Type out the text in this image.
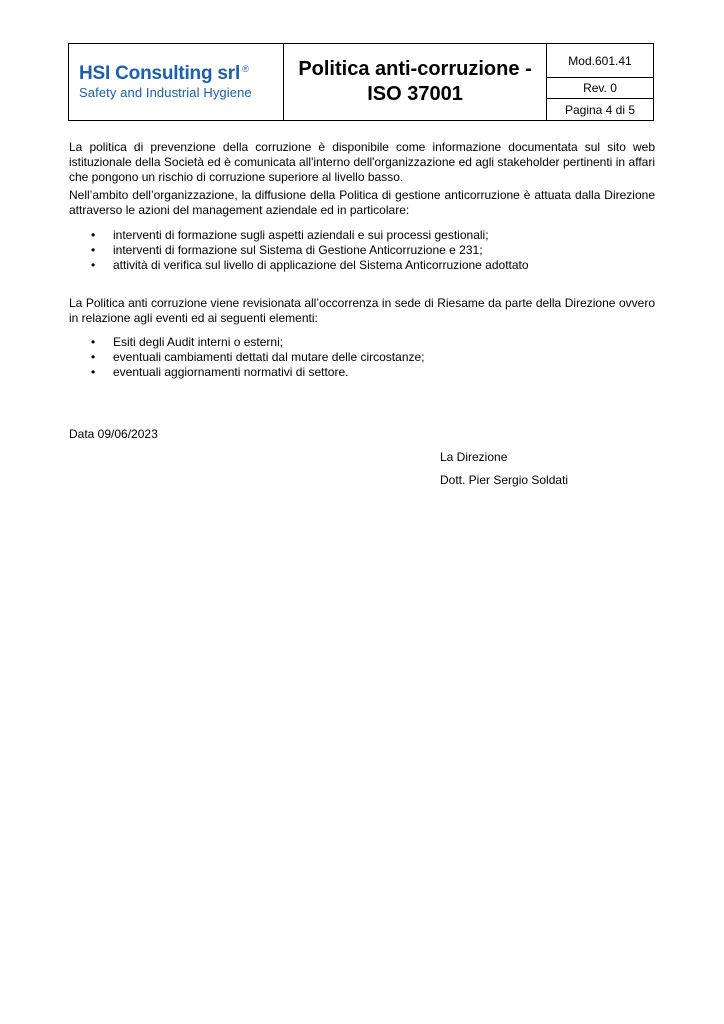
HSI Consulting srl ®
Safety and Industrial Hygiene
Politica anti-corruzione -
ISO 37001
Mod.601.41
Rev. 0
Pagina 4 di 5
La politica di prevenzione della corruzione è disponibile come informazione documentata sul sito web istituzionale della Società ed è comunicata all'interno dell'organizzazione ed agli stakeholder pertinenti in affari che pongono un rischio di corruzione superiore al livello basso.
Nell’ambito dell’organizzazione, la diffusione della Politica di gestione anticorruzione è attuata dalla Direzione attraverso le azioni del management aziendale ed in particolare:
• interventi di formazione sugli aspetti aziendali e sui processi gestionali;
• interventi di formazione sul Sistema di Gestione Anticorruzione e 231;
• attività di verifica sul livello di applicazione del Sistema Anticorruzione adottato
La Politica anti corruzione viene revisionata all’occorrenza in sede di Riesame da parte della Direzione ovvero in relazione agli eventi ed ai seguenti elementi:
• Esiti degli Audit interni o esterni;
• eventuali cambiamenti dettati dal mutare delle circostanze;
• eventuali aggiornamenti normativi di settore.
Data 09/06/2023
La Direzione
Dott. Pier Sergio Soldati
